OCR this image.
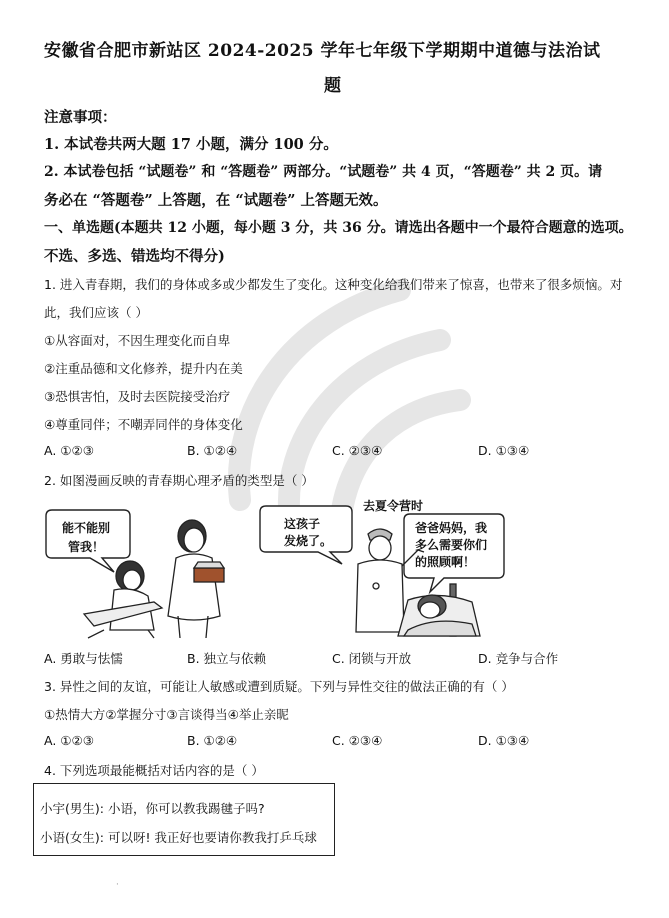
安徽省合肥市新站区 2024-2025 学年七年级下学期期中道德与法治试
题
注意事项：
1. 本试卷共两大题 17 小题，满分 100 分。
2. 本试卷包括 “试题卷” 和 “答题卷” 两部分。“试题卷” 共 4 页，“答题卷” 共 2 页。请
务必在 “答题卷” 上答题，在 “试题卷” 上答题无效。
一、单选题(本题共 12 小题，每小题 3 分，共 36 分。请选出各题中一个最符合题意的选项。
不选、多选、错选均不得分)
1. 进入青春期，我们的身体或多或少都发生了变化。这种变化给我们带来了惊喜，也带来了很多烦恼。对
此，我们应该（ ）
①从容面对，不因生理变化而自卑
②注重品德和文化修养，提升内在美
③恐惧害怕，及时去医院接受治疗
④尊重同伴；不嘲弄同伴的身体变化
A. ①②③	B. ①②④	C. ②③④	D. ①③④
2. 如图漫画反映的青春期心理矛盾的类型是（ ）
能不能别
管我！
去夏令营时
这孩子
发烧了。
爸爸妈妈，我
多么需要你们
的照顾啊！
A. 勇敢与怯懦	B. 独立与依赖	C. 闭锁与开放	D. 竞争与合作
3. 异性之间的友谊，可能让人敏感或遭到质疑。下列与异性交往的做法正确的有（ ）
①热情大方②掌握分寸③言谈得当④举止亲昵
A. ①②③	B. ①②④	C. ②③④	D. ①③④
4. 下列选项最能概括对话内容的是（ ）
小宇(男生): 小语，你可以教我踢毽子吗?
小语(女生): 可以呀! 我正好也要请你教我打乒乓球
·
